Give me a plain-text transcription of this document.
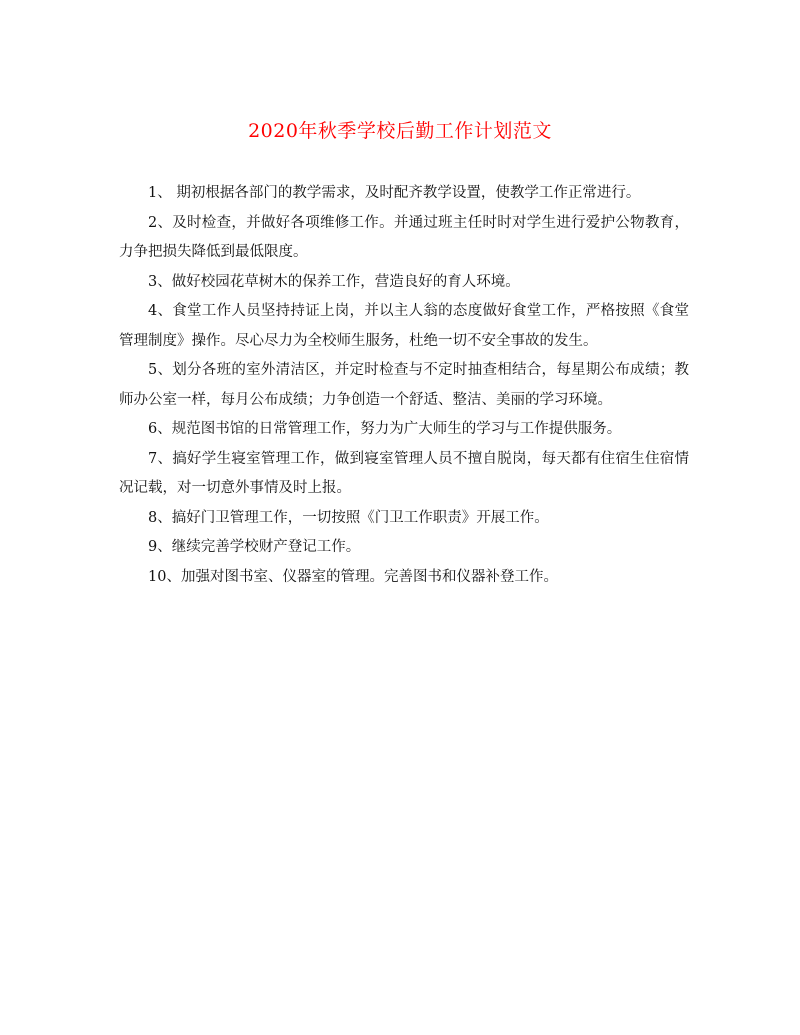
2020年秋季学校后勤工作计划范文

1、 期初根据各部门的教学需求，及时配齐教学设置，使教学工作正常进行。

2、及时检查，并做好各项维修工作。并通过班主任时时对学生进行爱护公物教育，力争把损失降低到最低限度。

3、做好校园花草树木的保养工作，营造良好的育人环境。

4、食堂工作人员坚持持证上岗，并以主人翁的态度做好食堂工作，严格按照《食堂管理制度》操作。尽心尽力为全校师生服务，杜绝一切不安全事故的发生。

5、划分各班的室外清洁区，并定时检查与不定时抽查相结合，每星期公布成绩；教师办公室一样，每月公布成绩；力争创造一个舒适、整洁、美丽的学习环境。

6、规范图书馆的日常管理工作，努力为广大师生的学习与工作提供服务。

7、搞好学生寝室管理工作，做到寝室管理人员不擅自脱岗，每天都有住宿生住宿情况记载，对一切意外事情及时上报。

8、搞好门卫管理工作，一切按照《门卫工作职责》开展工作。

9、继续完善学校财产登记工作。

10、加强对图书室、仪器室的管理。完善图书和仪器补登工作。
